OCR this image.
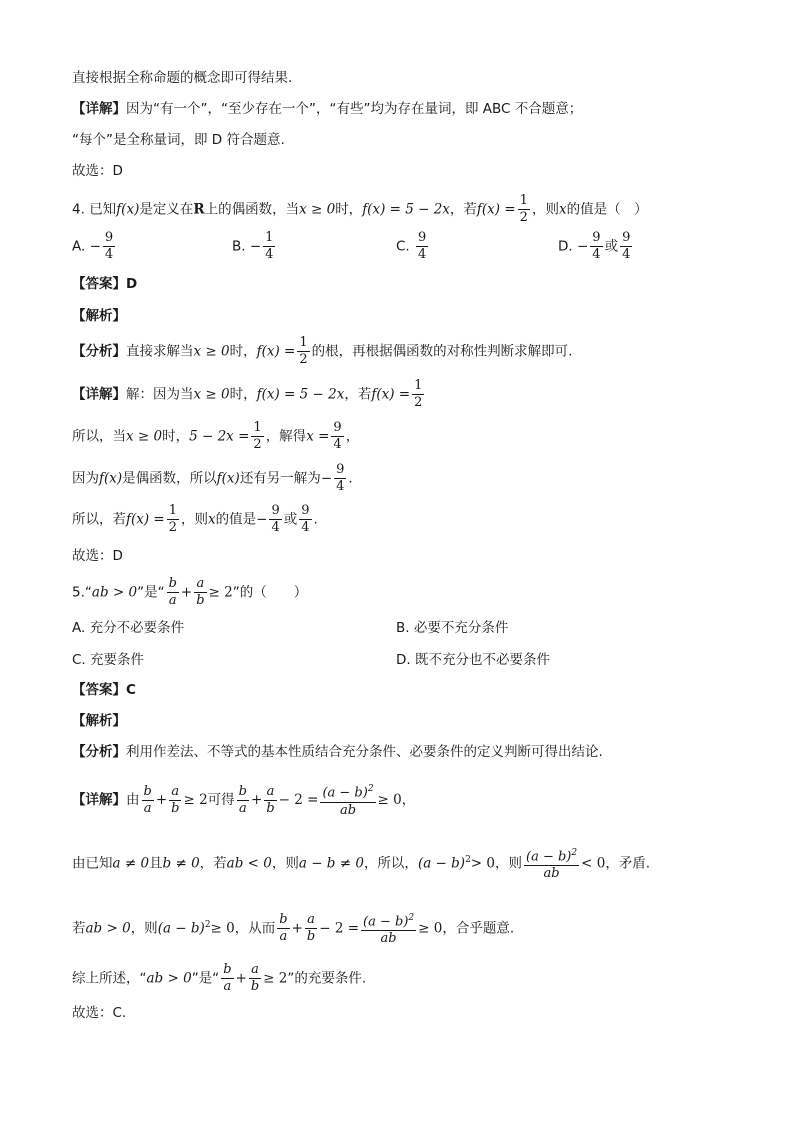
直接根据全称命题的概念即可得结果.
【详解】因为“有一个”，“至少存在一个”，“有些”均为存在量词，即 ABC 不合题意；
“每个”是全称量词，即 D 符合题意.
故选：D
4. 已知f(x)是定义在R上的偶函数，当x ≥ 0时，f(x) = 5 − 2x，若$f(x) = \frac{1}{2}$ ，则x的值是（　）
A. − $\frac{9}{4}$	B. − $\frac{1}{4}$	C. $\frac{9}{4}$	D. − $\frac{9}{4}$ 或 $\frac{9}{4}$
【答案】D
【解析】
【分析】直接求解当x ≥ 0时，$f(x) = \frac{1}{2}$ 的根，再根据偶函数的对称性判断求解即可.
【详解】解：因为当x ≥ 0时，f(x) = 5 − 2x，若$f(x) = \frac{1}{2}$
所以，当x ≥ 0时，$5 - 2x = \frac{1}{2}$ ，解得$x = \frac{9}{4}$ ，
因为f(x)是偶函数，所以f(x)还有另一解为− $\frac{9}{4}$ .
所以，若$f(x) = \frac{1}{2}$ ，则x的值是− $\frac{9}{4}$ 或 $\frac{9}{4}$ .
故选：D
5.“ab > 0”是“ $\frac{b}{a} + \frac{a}{b} \ge 2$”的（　　）
A. 充分不必要条件	B. 必要不充分条件
C. 充要条件	D. 既不充分也不必要条件
【答案】C
【解析】
【分析】利用作差法、不等式的基本性质结合充分条件、必要条件的定义判断可得出结论.
【详解】由 $\frac{b}{a} + \frac{a}{b} \ge 2$可得 $\frac{b}{a} + \frac{a}{b} - 2 = \frac{(a - b)^2}{ab} \ge 0$，
由已知a ≠ 0且b ≠ 0，若ab < 0，则a − b ≠ 0，所以，$(a - b)^2> 0$，则 $\frac{(a - b)^2}{ab} < 0$，矛盾.
若ab > 0，则$(a - b)^2\ge 0$，从而 $\frac{b}{a} + \frac{a}{b} - 2 = \frac{(a - b)^2}{ab} \ge 0$，合乎题意.
综上所述，“ab > 0”是“ $\frac{b}{a} + \frac{a}{b} \ge 2$”的充要条件.
故选：C.
